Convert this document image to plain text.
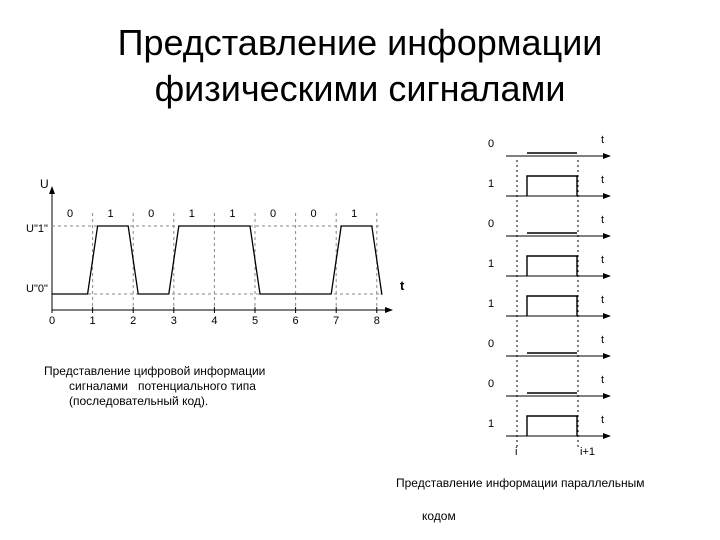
Представление информации
физическими сигналами
U
t
U"1"
U"0"
0	1	2	3	4	5	6	7	8
0	1	0	1	1	0	0	1
0	t
1	t
0	t
1	t
1	t
0	t
0	t
1	t
i	i+1
Представление цифровой информации
сигналами   потенциального типа
(последовательный код).
Представление информации параллельным
кодом
